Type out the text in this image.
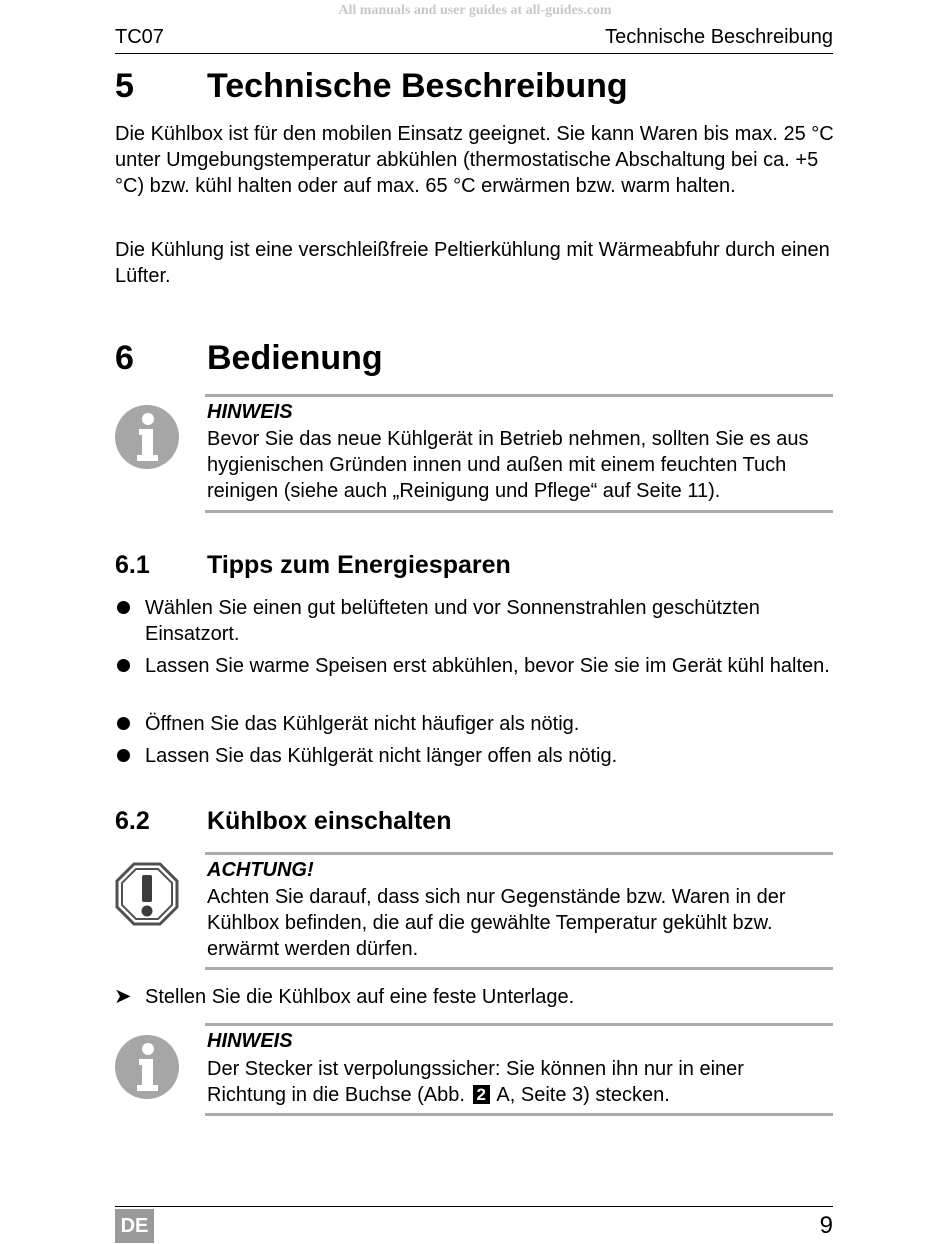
All manuals and user guides at all-guides.com
TC07	Technische Beschreibung
5 Technische Beschreibung

Die Kühlbox ist für den mobilen Einsatz geeignet. Sie kann Waren bis max. 25 °C unter Umgebungstemperatur abkühlen (thermostatische Abschaltung bei ca. +5 °C) bzw. kühl halten oder auf max. 65 °C erwärmen bzw. warm halten.

Die Kühlung ist eine verschleißfreie Peltierkühlung mit Wärmeabfuhr durch einen Lüfter.

6 Bedienung
HINWEIS

Bevor Sie das neue Kühlgerät in Betrieb nehmen, sollten Sie es aus hygienischen Gründen innen und außen mit einem feuchten Tuch reinigen (siehe auch „Reinigung und Pflege“ auf Seite 11).

6.1 Tipps zum Energiesparen

Wählen Sie einen gut belüfteten und vor Sonnenstrahlen geschützten Einsatzort.

Lassen Sie warme Speisen erst abkühlen, bevor Sie sie im Gerät kühl halten.

Öffnen Sie das Kühlgerät nicht häufiger als nötig.

Lassen Sie das Kühlgerät nicht länger offen als nötig.

6.2 Kühlbox einschalten
ACHTUNG!

Achten Sie darauf, dass sich nur Gegenstände bzw. Waren in der Kühlbox befinden, die auf die gewählte Temperatur gekühlt bzw. erwärmt werden dürfen.

➤ Stellen Sie die Kühlbox auf eine feste Unterlage.

HINWEIS
Der Stecker ist verpolungssicher: Sie können ihn nur in einer
Richtung in die Buchse (Abb. 2 A, Seite 3) stecken.
DE	9
